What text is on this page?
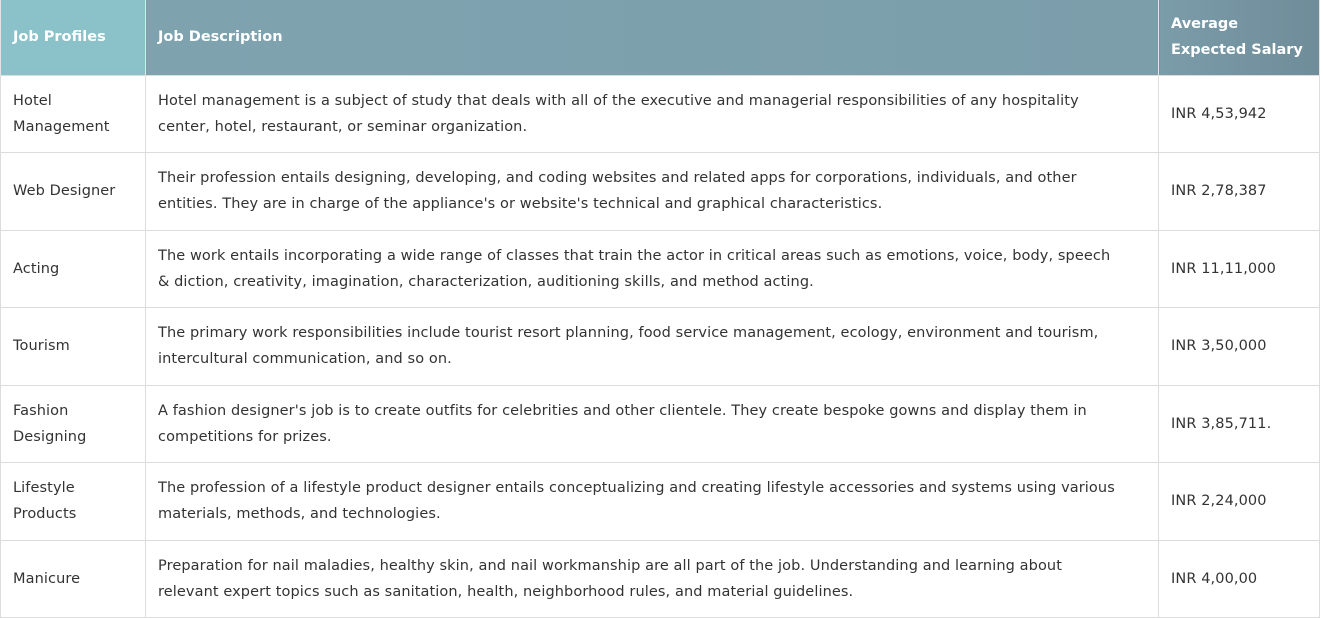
Job Profiles	Job Description	Average Expected Salary
Hotel Management	Hotel management is a subject of study that deals with all of the executive and managerial responsibilities of any hospitality center, hotel, restaurant, or seminar organization.	INR 4,53,942
Web Designer	Their profession entails designing, developing, and coding websites and related apps for corporations, individuals, and other entities. They are in charge of the appliance's or website's technical and graphical characteristics.	INR 2,78,387
Acting	The work entails incorporating a wide range of classes that train the actor in critical areas such as emotions, voice, body, speech & diction, creativity, imagination, characterization, auditioning skills, and method acting.	INR 11,11,000
Tourism	The primary work responsibilities include tourist resort planning, food service management, ecology, environment and tourism, intercultural communication, and so on.	INR 3,50,000
Fashion Designing	A fashion designer's job is to create outfits for celebrities and other clientele. They create bespoke gowns and display them in competitions for prizes.	INR 3,85,711.
Lifestyle Products	The profession of a lifestyle product designer entails conceptualizing and creating lifestyle accessories and systems using various materials, methods, and technologies.	INR 2,24,000
Manicure	Preparation for nail maladies, healthy skin, and nail workmanship are all part of the job. Understanding and learning about relevant expert topics such as sanitation, health, neighborhood rules, and material guidelines.	INR 4,00,00
